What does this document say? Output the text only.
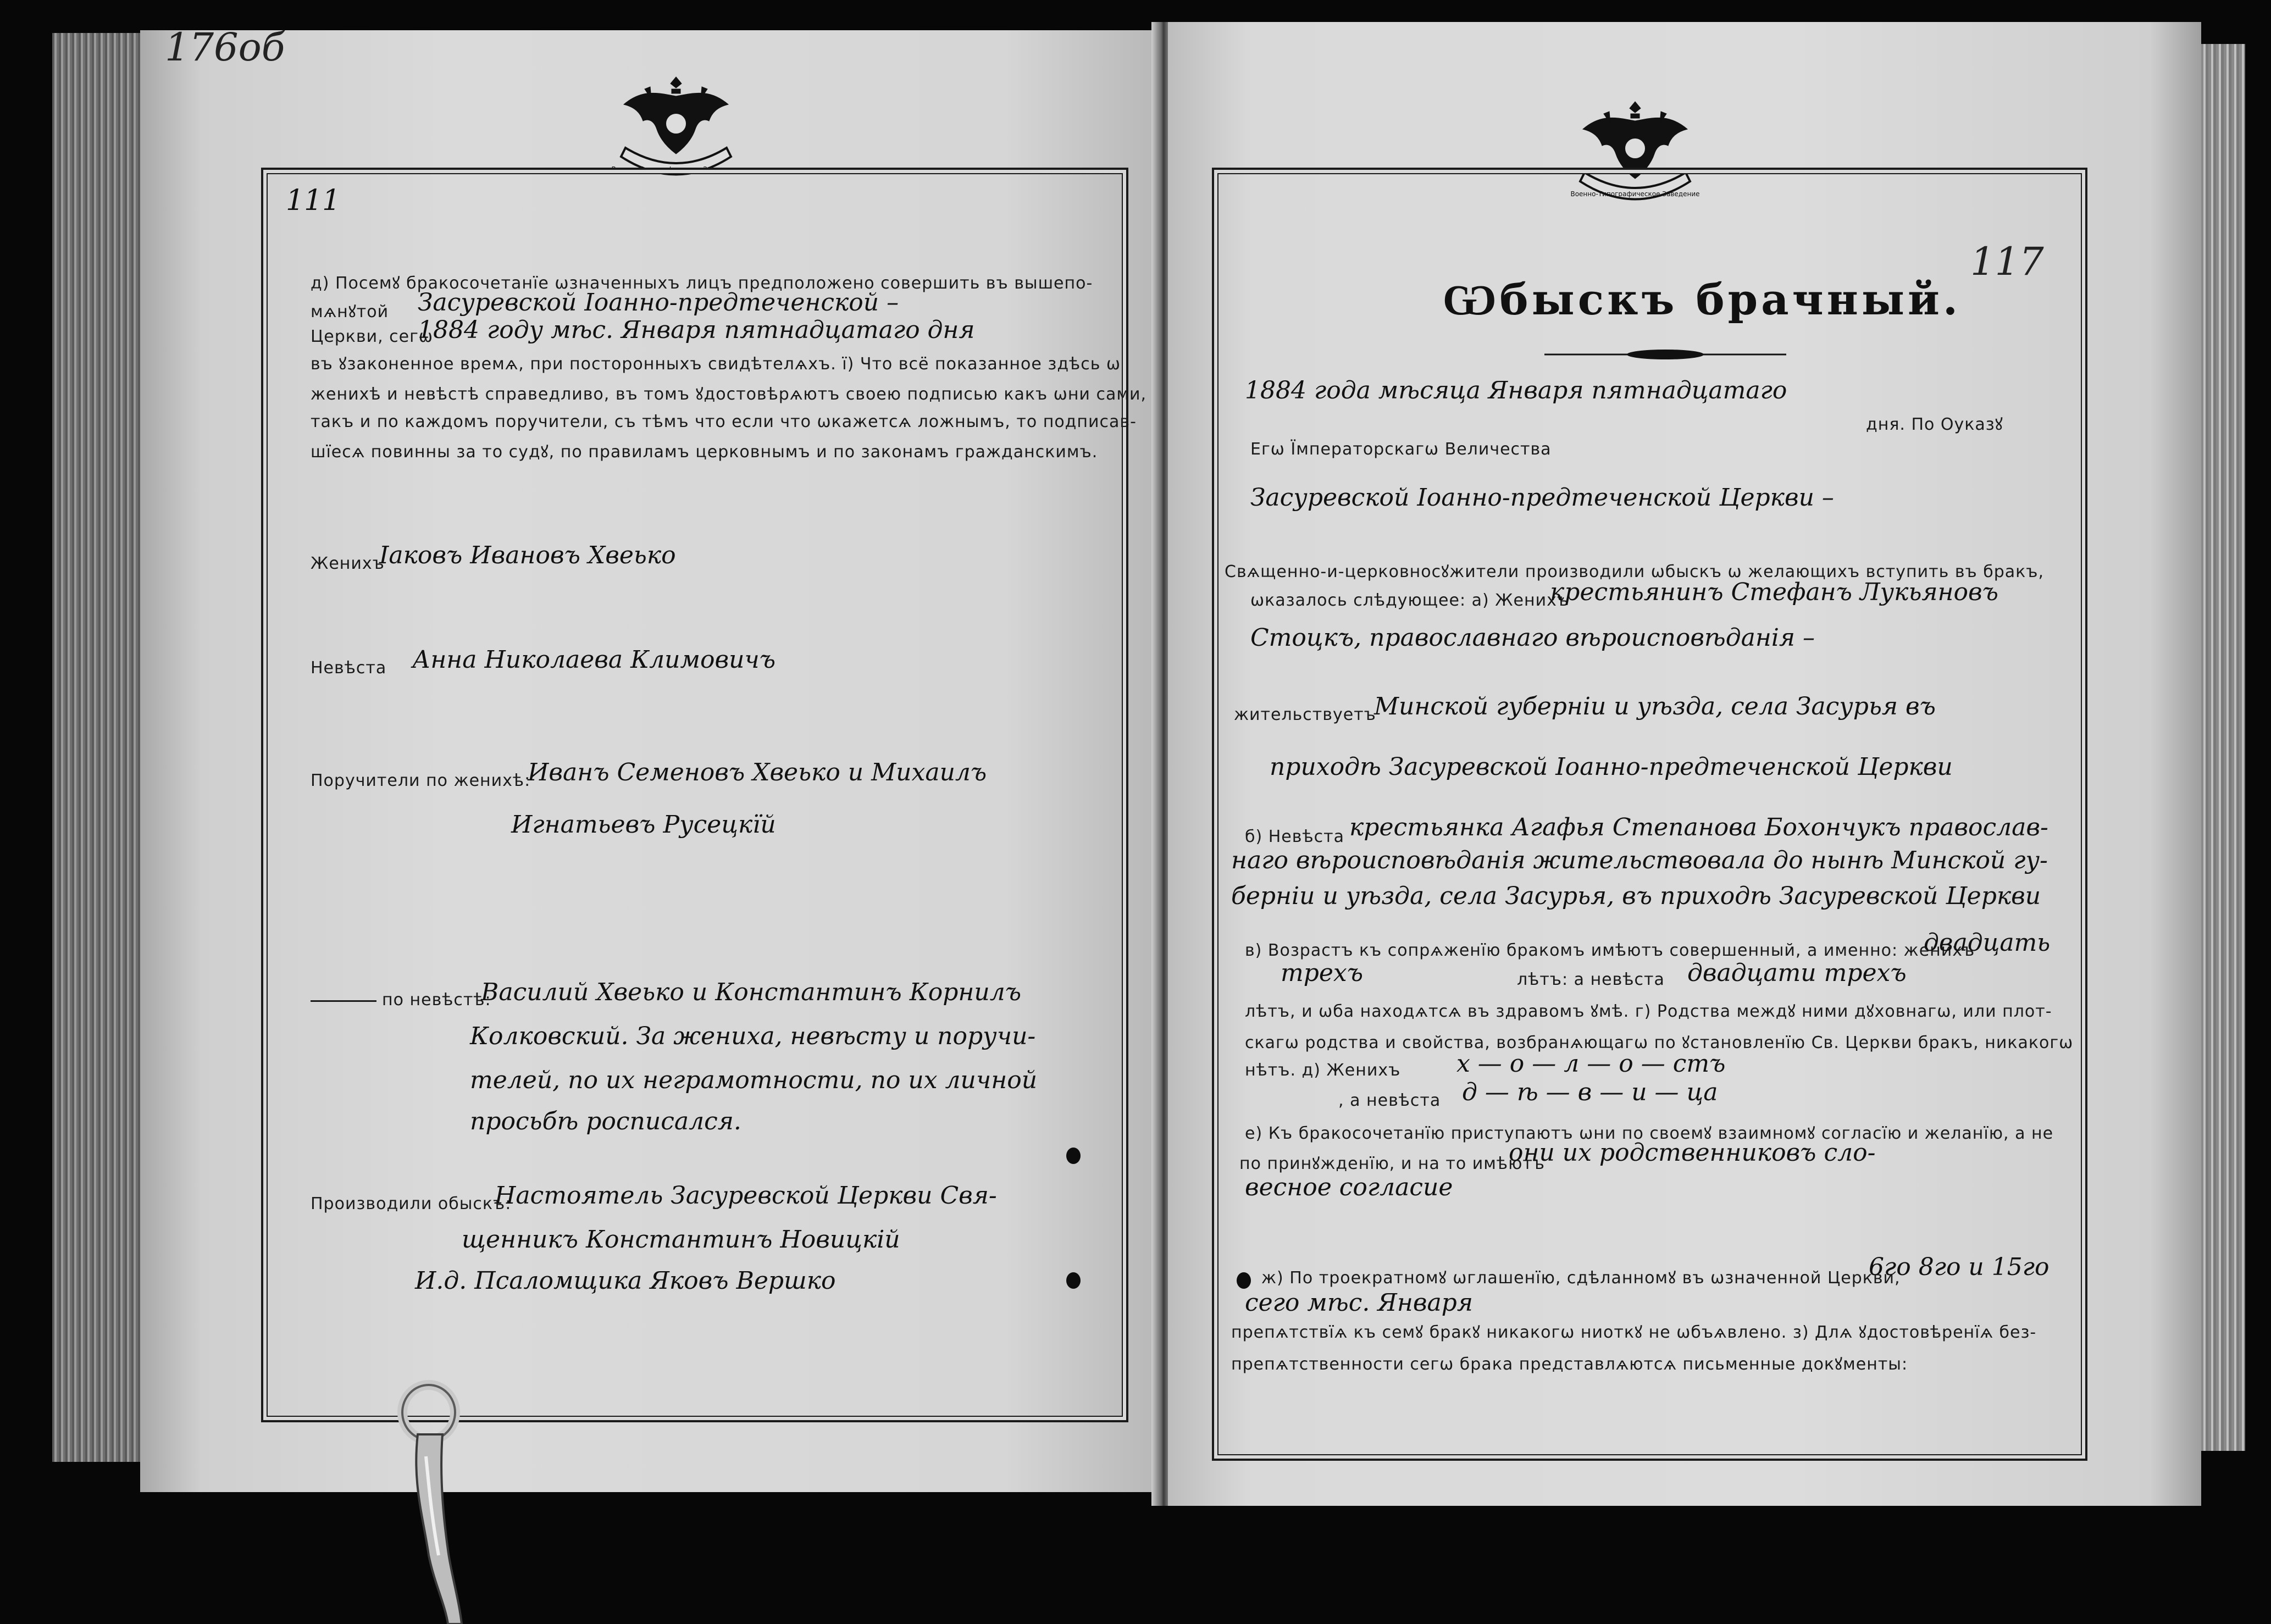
176об
111
Военно-Типографическое Заведение
д) Посемꙋ бракосочетанїе ѡзначенныхъ лицъ предположено совершить въ вышепо-
мѧнꙋтой Засуревской Іоанно-предтеченской –
Церкви, сегѡ
1884 году мѣс. Января пятнадцатаго дня
въ ꙋзаконенное времѧ, при посторонныхъ свидѣтелѧхъ. ї) Что всё показанное здѣсь ѡ
женихѣ и невѣстѣ справедливо, въ томъ ꙋдостовѣрѧютъ своею подписью какъ ѡни сами,
такъ и по каждомъ поручители, съ тѣмъ что если что ѡкажетсѧ ложнымъ, то подписав-
шїесѧ повинны за то судꙋ, по правиламъ церковнымъ и по законамъ гражданскимъ.
Женихъ
Іаковъ Ивановъ Хвеько
Невѣста Анна Николаева Климовичъ
Поручители по женихѣ:
Иванъ Семеновъ Хвеько и Михаилъ
Игнатьевъ Русецкїй
по невѣстѣ:
Василий Хвеько и Константинъ Корнилъ
Колковский. За жениха, невѣсту и поручи-
телей, по их неграмотности, по их личной
просьбѣ росписался.
Производили обыскъ:
Настоятель Засуревской Церкви Свя-
щенникъ Константинъ Новицкій
И.д. Псаломщика Яковъ Вершко
117
Военно-Типографическое Заведение
Ѡбыскъ брачный.
1884 года мѣсяца Января пятнадцатаго
дня. По Оуказꙋ
Егѡ Їмператорскагѡ Величества
Засуревской Іоанно-предтеченской Церкви –
Свѧщенно-и-церковносꙋжители производили ѡбыскъ ѡ желающихъ вступить въ бракъ,
ѡказалось слѣдующее: а) Женихъ
крестьянинъ Стефанъ Лукьяновъ
Стоцкъ, православнаго вѣроисповѣданія –
жительствуетъ
Минской губерніи и уѣзда, села Засурья въ
приходѣ Засуревской Іоанно-предтеченской Церкви
б) Невѣста крестьянка Агафья Степанова Бохончукъ православ-
наго вѣроисповѣданія жительствовала до нынѣ Минской гу-
берніи и уѣзда, села Засурья, въ приходѣ Засуревской Церкви
в) Возрастъ къ сопрѧженїю бракомъ имѣютъ совершенный, а именно: женихъ
двадцать
трехъ	лѣтъ: а невѣста двадцати трехъ
лѣтъ, и ѡба находѧтсѧ въ здравомъ ꙋмѣ. г) Родства междꙋ ними дꙋховнагѡ, или плот-
скагѡ родства и свойства, возбранѧющагѡ по ꙋстановленїю Св. Церкви бракъ, никакогѡ
нѣтъ. д) Женихъ х — о — л — о — стъ
, а невѣста д — ѣ — в — и — ца
е) Къ бракосочетанїю приступаютъ ѡни по своемꙋ взаимномꙋ согласїю и желанїю, а не
по принꙋжденїю, и на то имѣютъ
они их родственниковъ сло-
весное согласие
ж) По троекратномꙋ ѡглашенїю, сдѣланномꙋ въ ѡзначенной Церкви,
6го 8го и 15го
сего мѣс. Января
препѧтствїѧ къ семꙋ бракꙋ никакогѡ ниоткꙋ не ѡбъѧвлено. з) Длѧ ꙋдостовѣренїѧ без-
препѧтственности сегѡ брака представлѧютсѧ письменные докꙋменты:
